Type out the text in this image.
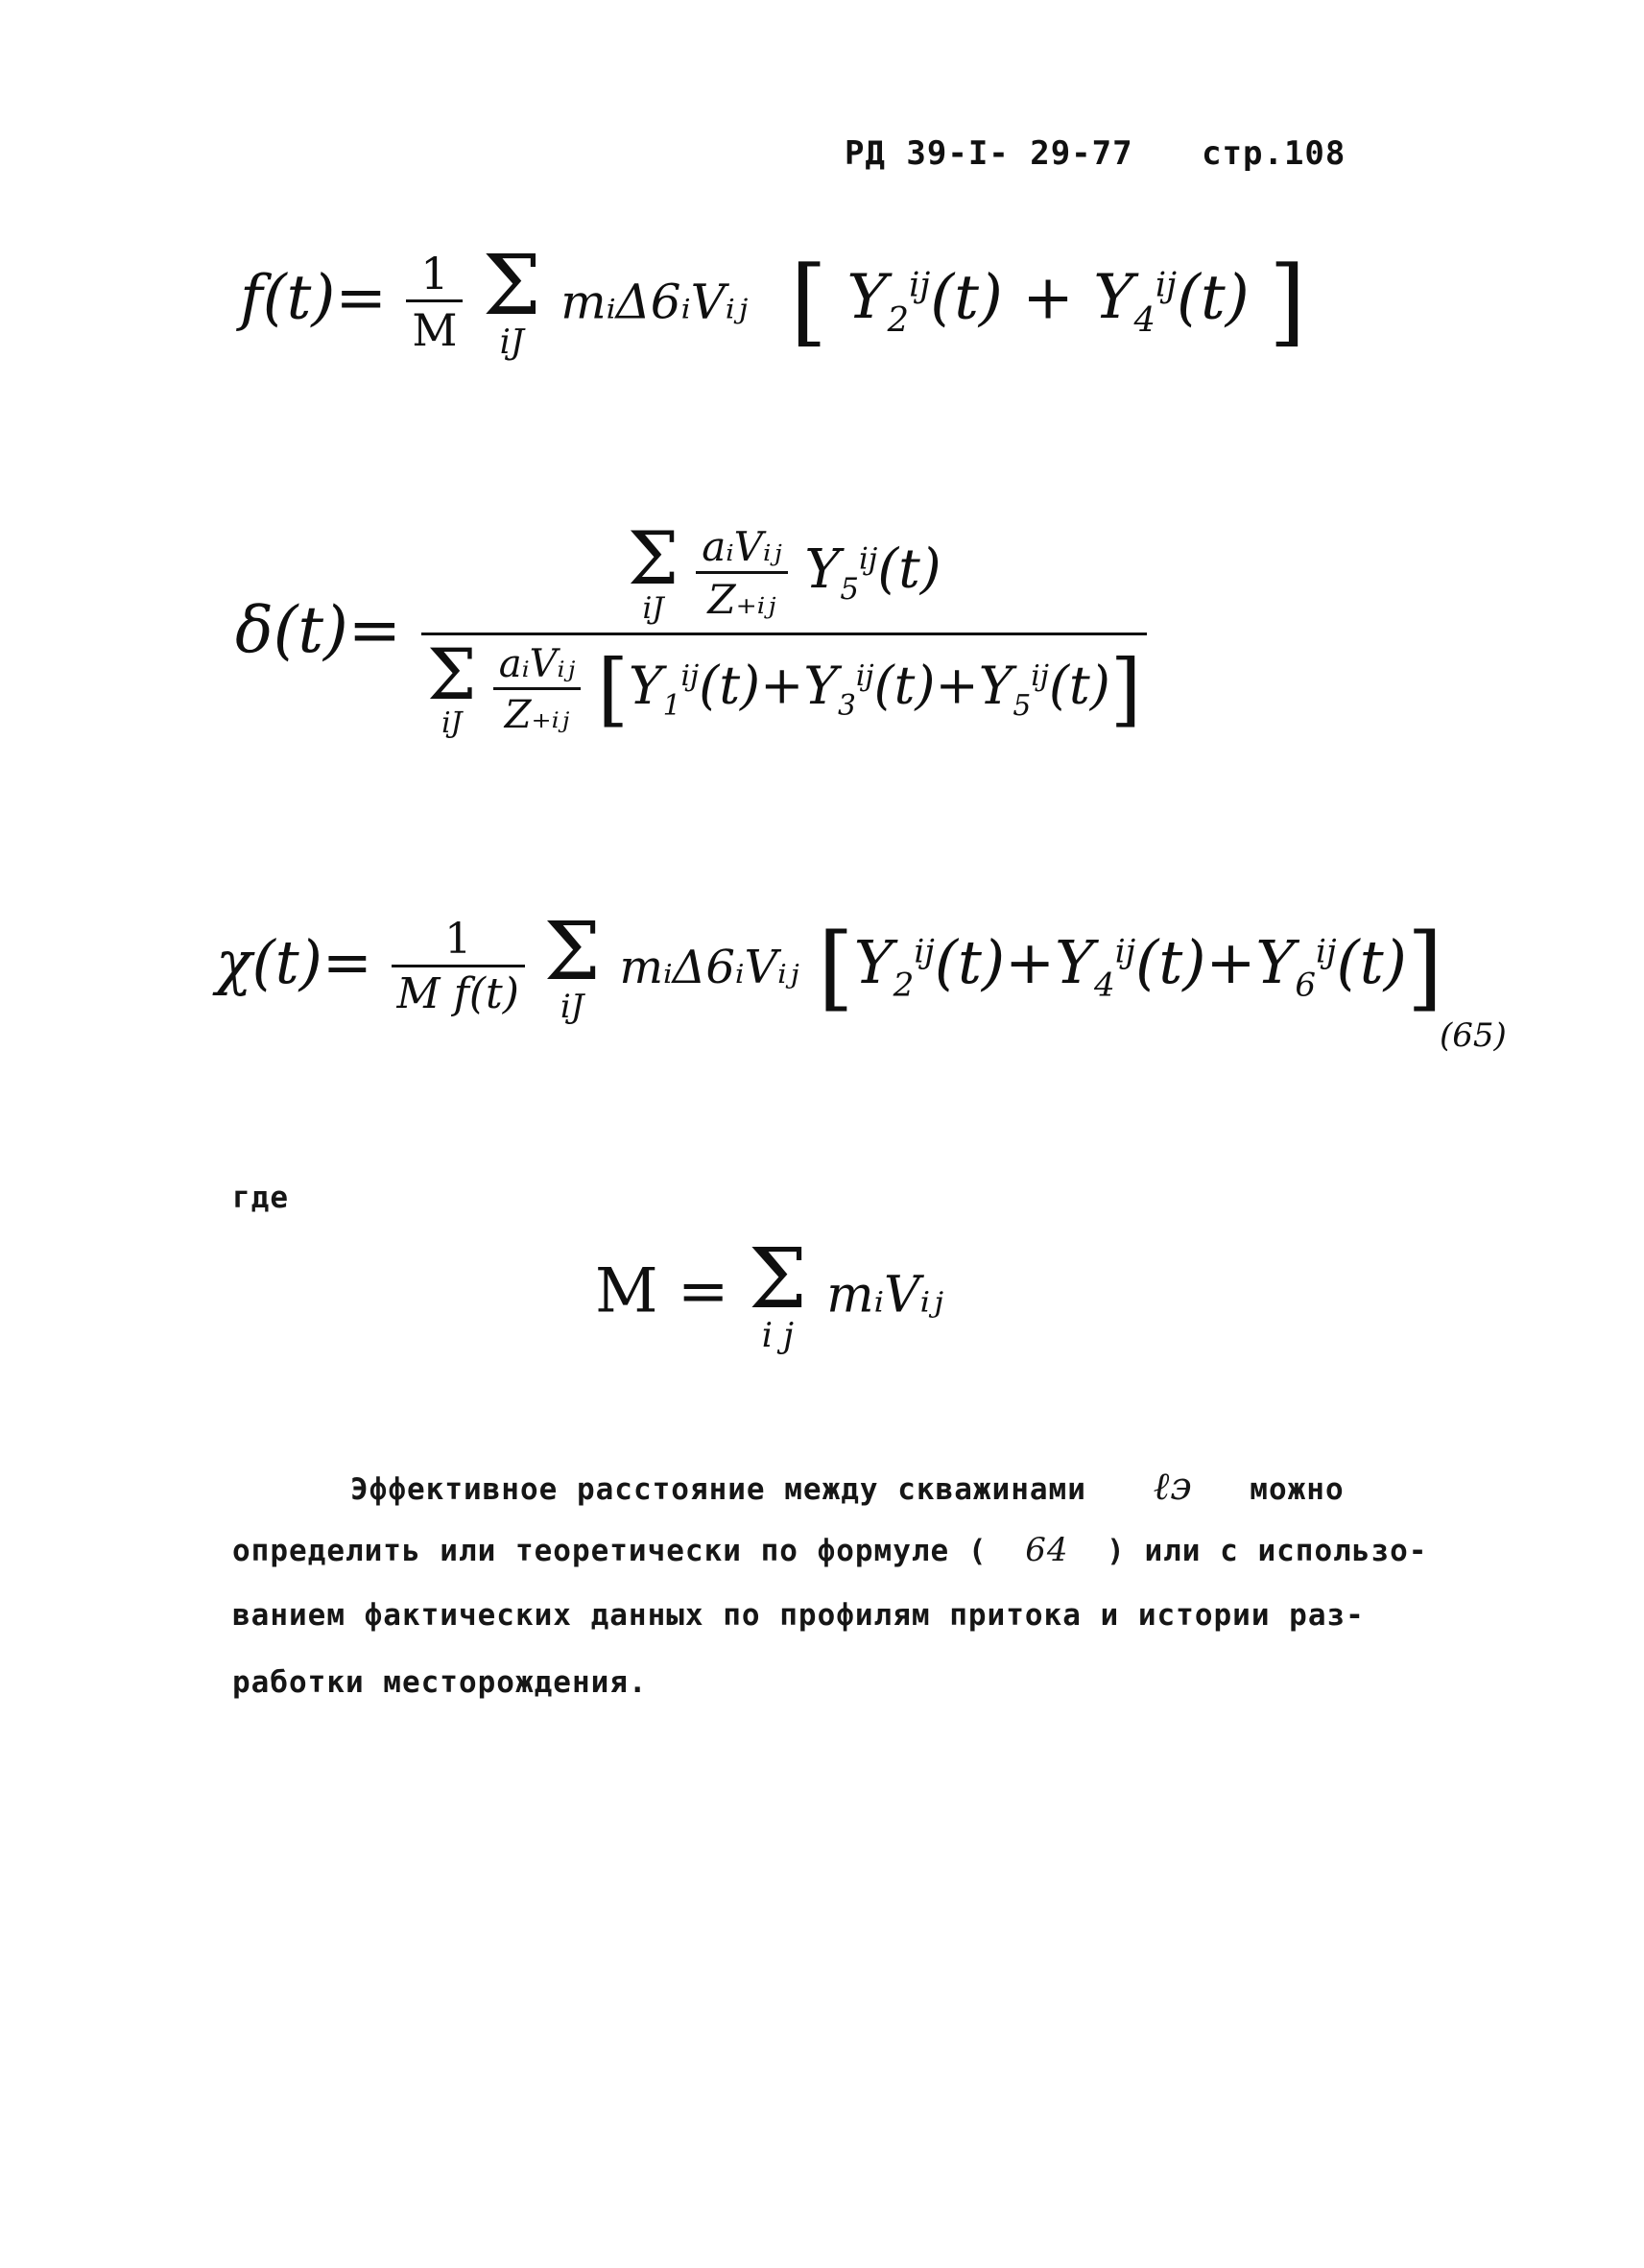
РД 39-I- 29-77 стр.108
$f(t)= \frac{1}{M}$
Σ
iJ
mᵢΔ6ᵢVᵢⱼ [ $Y_2^{ij}(t) + Y_4^{ij}(t)$ ]
δ(t)=
Σ
iJ
$\frac{\text{aᵢVᵢⱼ}}{\text{Z₊ᵢⱼ}} Y_5^{ij}(t)$
Σ
iJ
$\frac{\text{aᵢVᵢⱼ}}{\text{Z₊ᵢⱼ}} [Y_1^{ij}(t)+Y_3^{ij}(t)+Y_5^{ij}(t)]$
$\chi(t)= \frac{1}{\text{M f(t)}}$
Σ
iJ
mᵢΔ6ᵢVᵢⱼ $[Y_2^{ij}(t)+Y_4^{ij}(t)+Y_6^{ij}(t)]$
(65)
где
M = Σ
i j
mᵢVᵢⱼ
Эффективное расстояние между скважинами ℓэ можно
определить или теоретически по формуле ( 64 ) или с использо-
ванием фактических данных по профилям притока и истории раз-
работки месторождения.
